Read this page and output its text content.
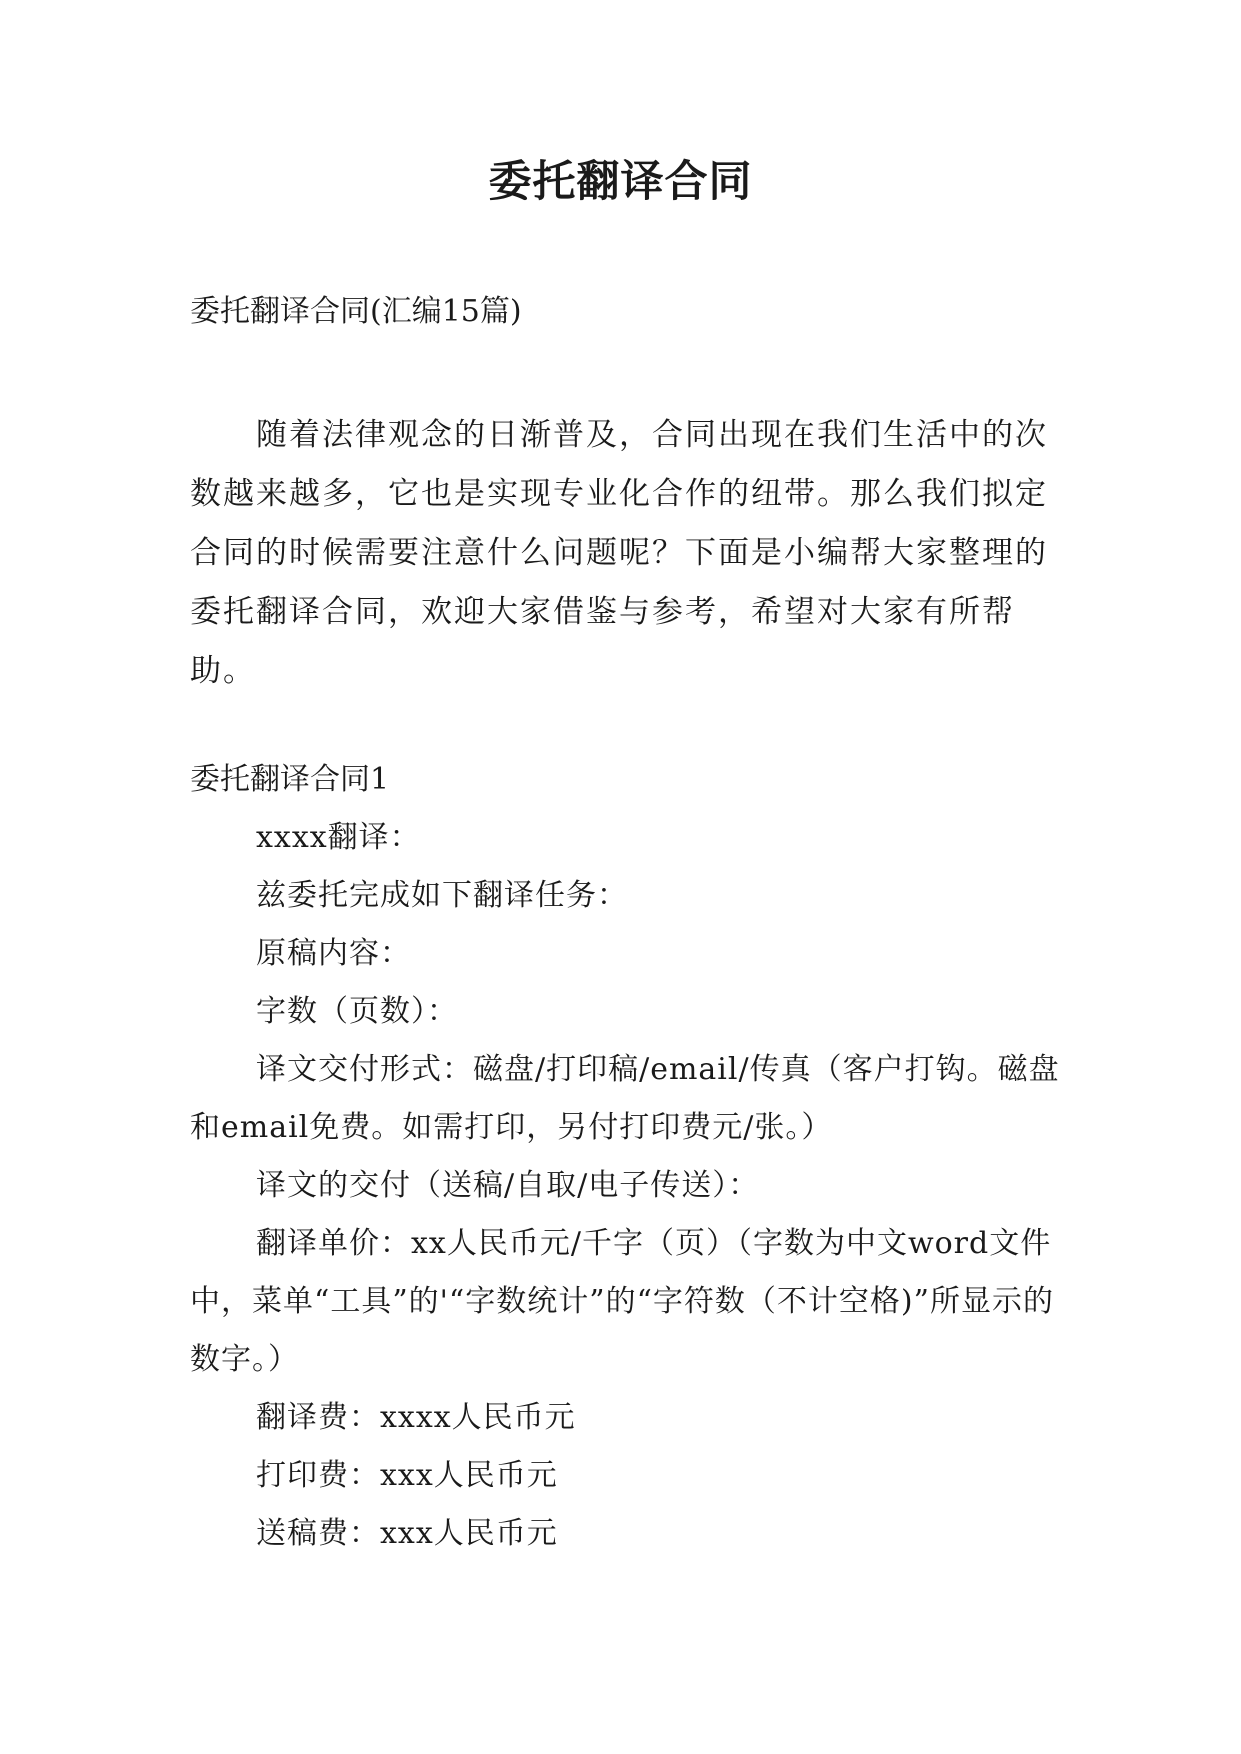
委托翻译合同
委托翻译合同(汇编15篇)

随着法律观念的日渐普及，合同出现在我们生活中的次数越来越多，它也是实现专业化合作的纽带。那么我们拟定合同的时候需要注意什么问题呢？下面是小编帮大家整理的委托翻译合同，欢迎大家借鉴与参考，希望对大家有所帮助。

委托翻译合同1

xxxx翻译：

兹委托完成如下翻译任务：

原稿内容：

字数（页数）：

译文交付形式：磁盘/打印稿/email/传真（客户打钩。磁盘和email免费。如需打印，另付打印费元/张。）

译文的交付（送稿/自取/电子传送）：

翻译单价：xx人民币元/千字（页）（字数为中文word文件中，菜单“工具”的'“字数统计”的“字符数（不计空格)”所显示的数字。）

翻译费：xxxx人民币元

打印费：xxx人民币元

送稿费：xxx人民币元
